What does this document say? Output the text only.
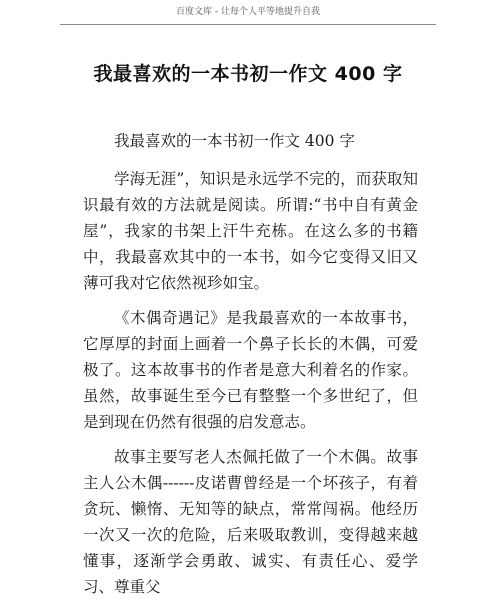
百度文库 - 让每个人平等地提升自我
我最喜欢的一本书初一作文 400 字

我最喜欢的一本书初一作文 400 字

学海无涯”，知识是永远学不完的，而获取知识最有效的方法就是阅读。所谓:“书中自有黄金屋”，我家的书架上汗牛充栋。在这么多的书籍中，我最喜欢其中的一本书，如今它变得又旧又薄可我对它依然视珍如宝。

《木偶奇遇记》是我最喜欢的一本故事书，它厚厚的封面上画着一个鼻子长长的木偶，可爱极了。这本故事书的作者是意大利着名的作家。虽然，故事诞生至今已有整整一个多世纪了，但是到现在仍然有很强的启发意志。

故事主要写老人杰佩托做了一个木偶。故事主人公木偶------皮诺曹曾经是一个坏孩子，有着贪玩、懒惰、无知等的缺点，常常闯祸。他经历一次又一次的危险，后来吸取教训，变得越来越懂事，逐渐学会勇敢、诚实、有责任心、爱学习、尊重父
